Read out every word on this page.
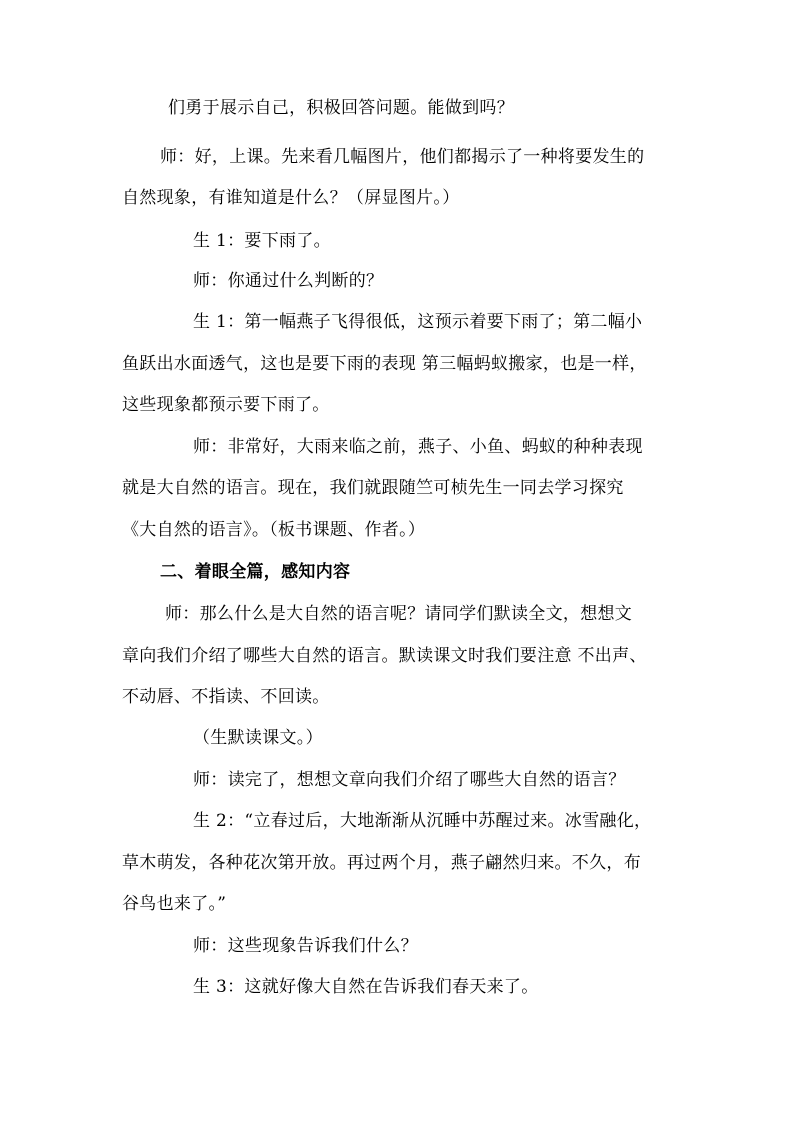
们勇于展示自己，积极回答问题。能做到吗？
师：好，上课。先来看几幅图片，他们都揭示了一种将要发生的
自然现象，有谁知道是什么？（屏显图片。）
生 1：要下雨了。
师：你通过什么判断的？
生 1：第一幅燕子飞得很低，这预示着要下雨了；第二幅小
鱼跃出水面透气，这也是要下雨的表现 第三幅蚂蚁搬家，也是一样，
这些现象都预示要下雨了。
师：非常好，大雨来临之前，燕子、小鱼、蚂蚁的种种表现
就是大自然的语言。现在，我们就跟随竺可桢先生一同去学习探究
《大自然的语言》。（板书课题、作者。）
二、着眼全篇，感知内容
师：那么什么是大自然的语言呢？请同学们默读全文，想想文
章向我们介绍了哪些大自然的语言。默读课文时我们要注意 不出声、
不动唇、不指读、不回读。
（生默读课文。）
师：读完了，想想文章向我们介绍了哪些大自然的语言？
生 2：“立春过后，大地渐渐从沉睡中苏醒过来。冰雪融化，
草木萌发，各种花次第开放。再过两个月，燕子翩然归来。不久，布
谷鸟也来了。”
师：这些现象告诉我们什么？
生 3：这就好像大自然在告诉我们春天来了。
